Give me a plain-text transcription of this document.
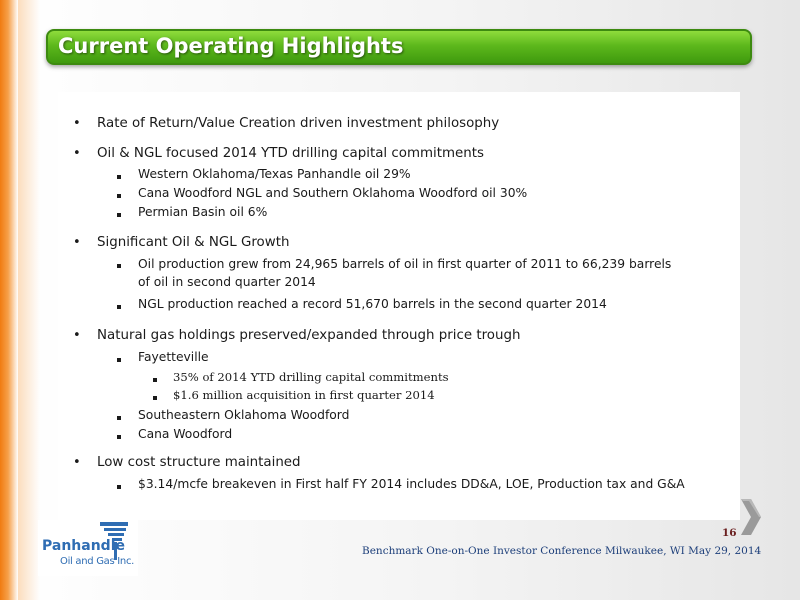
Current Operating Highlights
• Rate of Return/Value Creation driven investment philosophy
• Oil & NGL focused 2014 YTD drilling capital commitments
Western Oklahoma/Texas Panhandle oil 29%
Cana Woodford NGL and Southern Oklahoma Woodford oil 30%
Permian Basin oil 6%
• Significant Oil & NGL Growth
Oil production grew from 24,965 barrels of oil in first quarter of 2011 to 66,239 barrels
of oil in second quarter 2014
NGL production reached a record 51,670 barrels in the second quarter 2014
• Natural gas holdings preserved/expanded through price trough
Fayetteville
35% of 2014 YTD drilling capital commitments
$1.6 million acquisition in first quarter 2014
Southeastern Oklahoma Woodford
Cana Woodford
• Low cost structure maintained
$3.14/mcfe breakeven in First half FY 2014 includes DD&A, LOE, Production tax and G&A
Panhandle
Oil and Gas Inc.
Benchmark One-on-One Investor Conference Milwaukee, WI May 29, 2014
16
